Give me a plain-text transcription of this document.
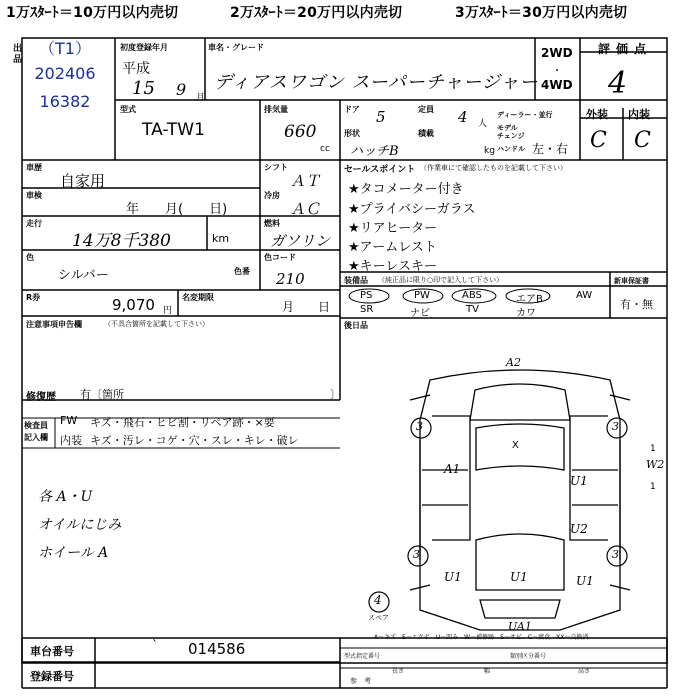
1万ｽﾀｰﾄ＝10万円以内売切	2万ｽﾀｰﾄ＝20万円以内売切	3万ｽﾀｰﾄ＝30万円以内売切
出品
（T1）
202406
16382
初度登録年月
平成
15 9 月
車名・グレード
ディアスワゴン スーパーチャージャー
2WD
・
4WD
評価点
4
型式
TA-TW1
排気量
660
cc
ドア 5	定員 4 人
ディーラー・並行
モデル
チェンジ
ハンドル 左・右
kg
形状
ハッチB
積載
外装 内装
C C
車歴
自家用
シフト
ＡＴ
車検
年　　月(　　日)
冷房
ＡＣ
走行
14万8千380	km
燃料
ガソリン
色
シルバー	色番
色コード
210
R券	9,070 円
名変期限
月　　日
注意事項申告欄	（不具合箇所を記載して下さい）
修復歴 有〔箇所	〕
セールスポイント （作業車にて確認したものを記載して下さい）
★タコメーター付き
★プライバシーガラス
★リアヒーター
★アームレスト
★キーレスキー
装備品 （純正品に限り○印で記入して下さい）
PS	PW	ABS	エアB	AW
SR	ナビ	TV	カワ
新車保証書
有・無
後日品
検査員
記入欄
FW キズ・飛石・ヒビ割・リペア跡・×要
内装 キズ・汚レ・コゲ・穴・スレ・キレ・破レ
各 A・U
オイルにじみ
ホイール A
A2
X
A1
U1
U2
U1	U1	U1
UA1
3	3
3	3
4
スペア
W2
1
1
A－キズ　E－エクボ　U－凹み　W－補修跡　S－サビ　C－腐食　XX－交換済
車台番号	` 014586
登録番号
型式指定番号	類別区分番号
長さ	幅	高さ
参　考
